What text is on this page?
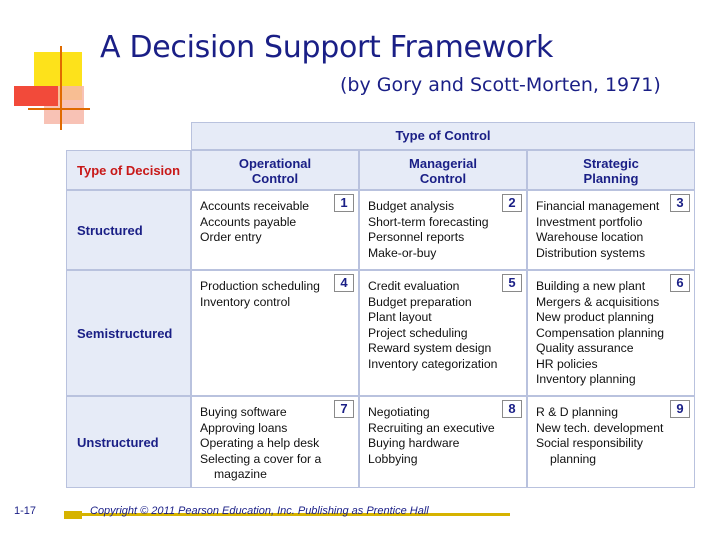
A Decision Support Framework
(by Gory and Scott-Morten, 1971)
Type of Control
Type of Decision	Operational
Control
Managerial
Control
Strategic
Planning
Structured
1
Accounts receivable
Accounts payable
Order entry
2
Budget analysis
Short-term forecasting
Personnel reports
Make-or-buy
3
Financial management
Investment portfolio
Warehouse location
Distribution systems
Semistructured
4
Production scheduling
Inventory control
5
Credit evaluation
Budget preparation
Plant layout
Project scheduling
Reward system design
Inventory categorization
6
Building a new plant
Mergers & acquisitions
New product planning
Compensation planning
Quality assurance
HR policies
Inventory planning
Unstructured
7
Buying software
Approving loans
Operating a help desk
Selecting a cover for a
magazine
8
Negotiating
Recruiting an executive
Buying hardware
Lobbying
9
R & D planning
New tech. development
Social responsibility
planning
1-17	Copyright © 2011 Pearson Education, Inc. Publishing as Prentice Hall
